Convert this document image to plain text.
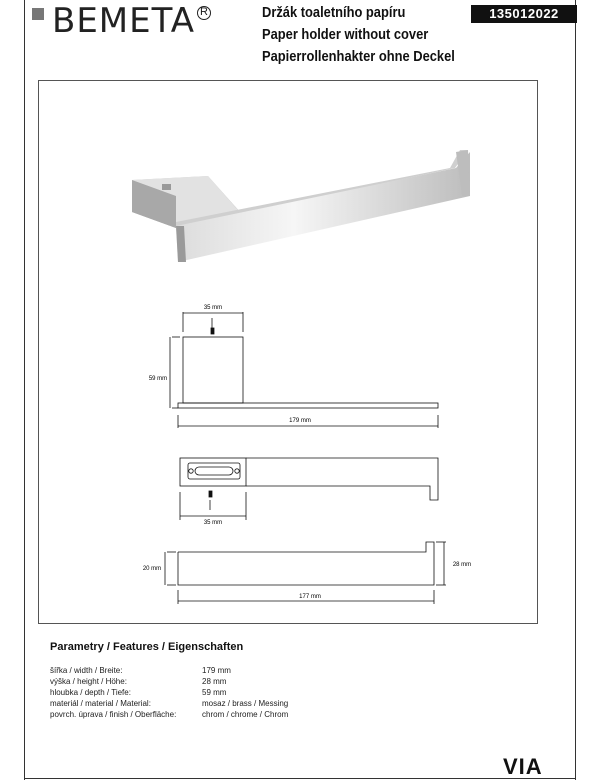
BEMETA R	Držák toaletního papíru
Paper holder without cover
Papierrollenhakter ohne Deckel
135012022
35 mm
59 mm
179 mm
35 mm
20 mm
28 mm
177 mm
Parametry / Features / Eigenschaften
šířka / width / Breite:	179 mm
výška / height / Höhe:	28 mm
hloubka / depth / Tiefe:	59 mm
materiál / material / Material:	mosaz / brass / Messing
povrch. úprava / finish / Oberfläche:	chrom / chrome / Chrom
VIA
